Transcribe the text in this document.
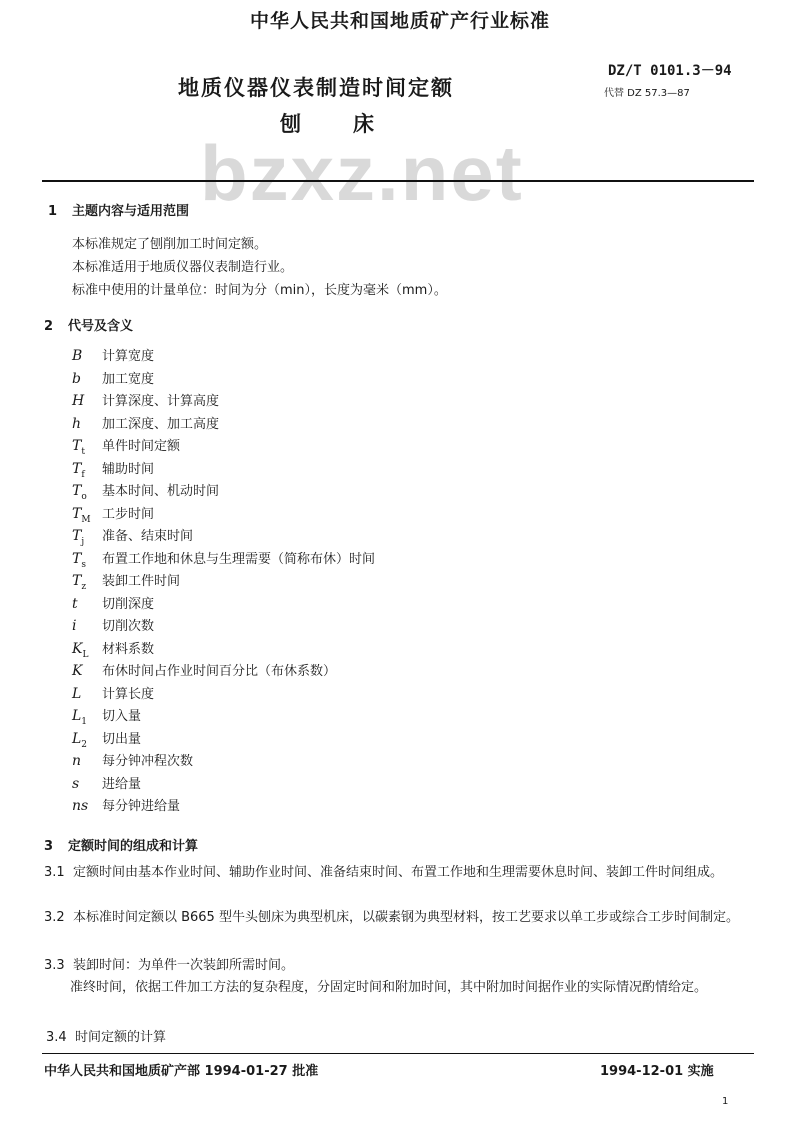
中华人民共和国地质矿产行业标准
地质仪器仪表制造时间定额
刨床
DZ/T 0101.3－94
代替 DZ 57.3—87
bzxz.net
1 主题内容与适用范围
本标准规定了刨削加工时间定额。
本标准适用于地质仪器仪表制造行业。
标准中使用的计量单位：时间为分（min），长度为毫米（mm）。
2 代号及含义
B 计算宽度
b 加工宽度
H 计算深度、计算高度
h 加工深度、加工高度
$T_t$ 单件时间定额
$T_f$ 辅助时间
$T_o$ 基本时间、机动时间
$T_M$ 工步时间
$T_j$ 准备、结束时间
$T_s$ 布置工作地和休息与生理需要（简称布休）时间
$T_z$ 装卸工件时间
t 切削深度
i 切削次数
$K_L$ 材料系数
K 布休时间占作业时间百分比（布休系数）
L 计算长度
$L_1$ 切入量
$L_2$ 切出量
n 每分钟冲程次数
s 进给量
ns 每分钟进给量
3 定额时间的组成和计算
3.1 定额时间由基本作业时间、辅助作业时间、准备结束时间、布置工作地和生理需要休息时间、装卸工件时间组成。
3.2 本标准时间定额以 B665 型牛头刨床为典型机床，以碳素钢为典型材料，按工艺要求以单工步或综合工步时间制定。
3.3 装卸时间：为单件一次装卸所需时间。
准终时间，依据工件加工方法的复杂程度，分固定时间和附加时间，其中附加时间据作业的实际情况酌情给定。
3.4 时间定额的计算
中华人民共和国地质矿产部 1994-01-27 批准	1994-12-01 实施
1
